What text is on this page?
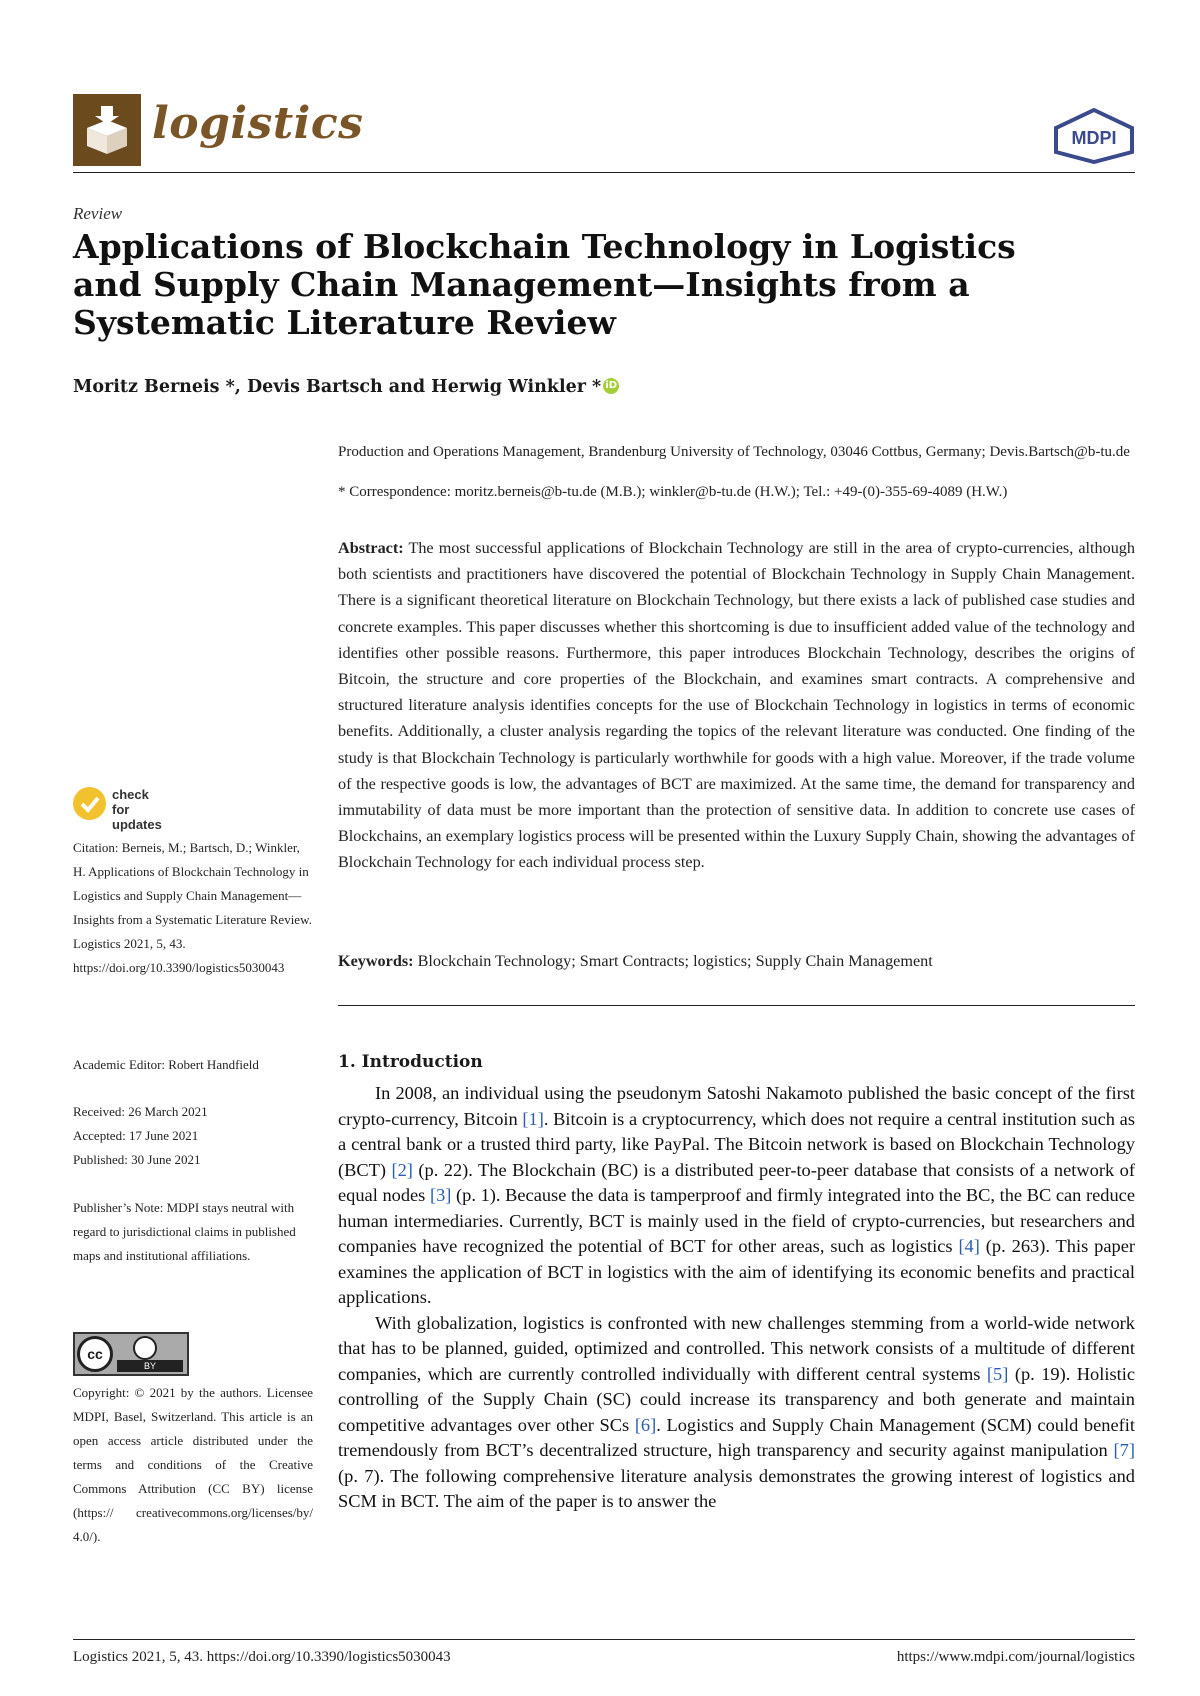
logistics	MDPI
Review
Applications of Blockchain Technology in Logistics and Supply Chain Management—Insights from a Systematic Literature Review
Moritz Berneis *, Devis Bartsch and Herwig Winkler * iD
Production and Operations Management, Brandenburg University of Technology, 03046 Cottbus, Germany; Devis.Bartsch@b-tu.de
* Correspondence: moritz.berneis@b-tu.de (M.B.); winkler@b-tu.de (H.W.); Tel.: +49-(0)-355-69-4089 (H.W.)
Abstract: The most successful applications of Blockchain Technology are still in the area of crypto-currencies, although both scientists and practitioners have discovered the potential of Blockchain Technology in Supply Chain Management. There is a significant theoretical literature on Blockchain Technology, but there exists a lack of published case studies and concrete examples. This paper discusses whether this shortcoming is due to insufficient added value of the technology and identifies other possible reasons. Furthermore, this paper introduces Blockchain Technology, describes the origins of Bitcoin, the structure and core properties of the Blockchain, and examines smart contracts. A comprehensive and structured literature analysis identifies concepts for the use of Blockchain Technology in logistics in terms of economic benefits. Additionally, a cluster analysis regarding the topics of the relevant literature was conducted. One finding of the study is that Blockchain Technology is particularly worthwhile for goods with a high value. Moreover, if the trade volume of the respective goods is low, the advantages of BCT are maximized. At the same time, the demand for transparency and immutability of data must be more important than the protection of sensitive data. In addition to concrete use cases of Blockchains, an exemplary logistics process will be presented within the Luxury Supply Chain, showing the advantages of Blockchain Technology for each individual process step.
Keywords: Blockchain Technology; Smart Contracts; logistics; Supply Chain Management
1. Introduction

In 2008, an individual using the pseudonym Satoshi Nakamoto published the basic concept of the first crypto-currency, Bitcoin [1]. Bitcoin is a cryptocurrency, which does not require a central institution such as a central bank or a trusted third party, like PayPal. The Bitcoin network is based on Blockchain Technology (BCT) [2] (p. 22). The Blockchain (BC) is a distributed peer-to-peer database that consists of a network of equal nodes [3] (p. 1). Because the data is tamperproof and firmly integrated into the BC, the BC can reduce human intermediaries. Currently, BCT is mainly used in the field of crypto-currencies, but researchers and companies have recognized the potential of BCT for other areas, such as logistics [4] (p. 263). This paper examines the application of BCT in logistics with the aim of identifying its economic benefits and practical applications.

With globalization, logistics is confronted with new challenges stemming from a world-wide network that has to be planned, guided, optimized and controlled. This network consists of a multitude of different companies, which are currently controlled individually with different central systems [5] (p. 19). Holistic controlling of the Supply Chain (SC) could increase its transparency and both generate and maintain competitive advantages over other SCs [6]. Logistics and Supply Chain Management (SCM) could benefit tremendously from BCT’s decentralized structure, high transparency and security against manipulation [7] (p. 7). The following comprehensive literature analysis demonstrates the growing interest of logistics and SCM in BCT. The aim of the paper is to answer the

check for
updates
Citation: Berneis, M.; Bartsch, D.; Winkler, H. Applications of Blockchain Technology in Logistics and Supply Chain Management—Insights from a Systematic Literature Review. Logistics 2021, 5, 43. https://doi.org/10.3390/logistics5030043
Academic Editor: Robert Handfield
Received: 26 March 2021
Accepted: 17 June 2021
Published: 30 June 2021
Publisher’s Note: MDPI stays neutral with regard to jurisdictional claims in published maps and institutional affiliations.
cc
BY
Copyright: © 2021 by the authors. Licensee MDPI, Basel, Switzerland. This article is an open access article distributed under the terms and conditions of the Creative Commons Attribution (CC BY) license (https:// creativecommons.org/licenses/by/ 4.0/).
Logistics 2021, 5, 43. https://doi.org/10.3390/logistics5030043	https://www.mdpi.com/journal/logistics
